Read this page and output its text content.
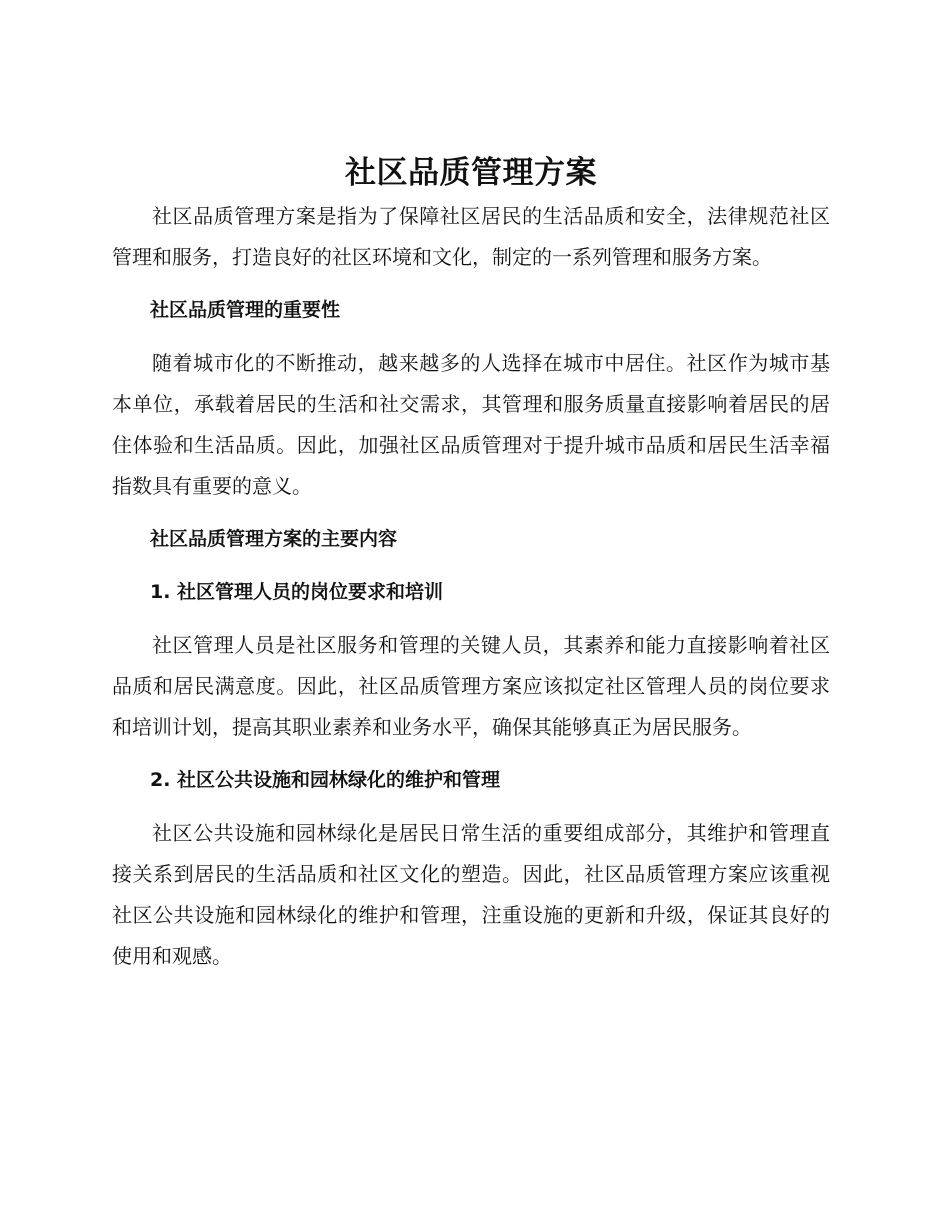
社区品质管理方案

社区品质管理方案是指为了保障社区居民的生活品质和安全，法律规范社区管理和服务，打造良好的社区环境和文化，制定的一系列管理和服务方案。

社区品质管理的重要性

随着城市化的不断推动，越来越多的人选择在城市中居住。社区作为城市基本单位，承载着居民的生活和社交需求，其管理和服务质量直接影响着居民的居住体验和生活品质。因此，加强社区品质管理对于提升城市品质和居民生活幸福指数具有重要的意义。

社区品质管理方案的主要内容
1. 社区管理人员的岗位要求和培训

社区管理人员是社区服务和管理的关键人员，其素养和能力直接影响着社区品质和居民满意度。因此，社区品质管理方案应该拟定社区管理人员的岗位要求和培训计划，提高其职业素养和业务水平，确保其能够真正为居民服务。

2. 社区公共设施和园林绿化的维护和管理

社区公共设施和园林绿化是居民日常生活的重要组成部分，其维护和管理直接关系到居民的生活品质和社区文化的塑造。因此，社区品质管理方案应该重视社区公共设施和园林绿化的维护和管理，注重设施的更新和升级，保证其良好的使用和观感。
